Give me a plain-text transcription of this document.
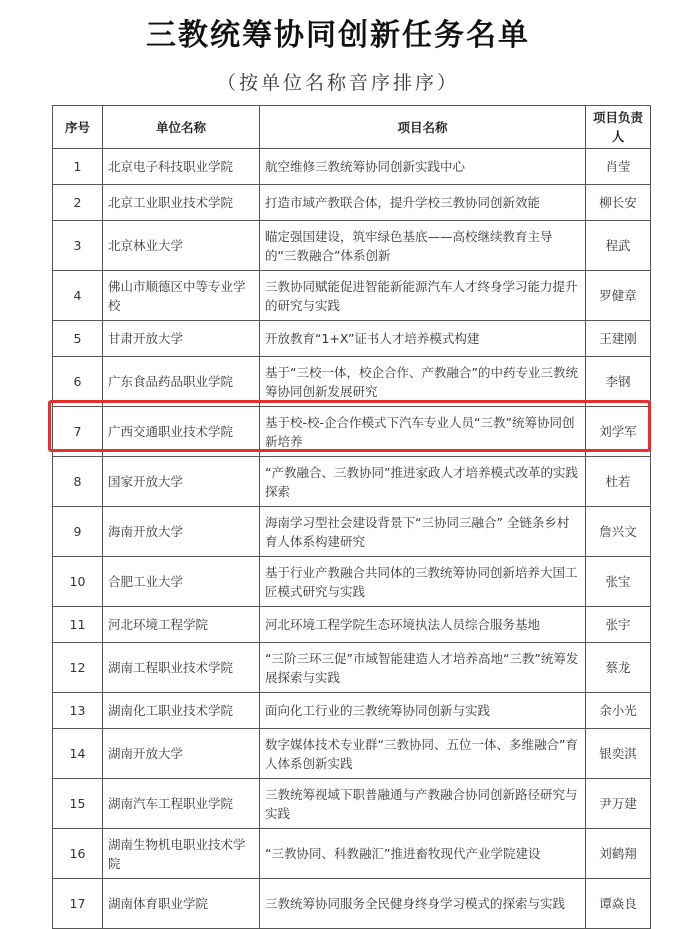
三教统筹协同创新任务名单
（按单位名称音序排序）
序号	单位名称	项目名称	项目负责人
1	北京电子科技职业学院	航空维修三教统筹协同创新实践中心	肖莹
2	北京工业职业技术学院	打造市域产教联合体，提升学校三教协同创新效能	柳长安
3	北京林业大学	瞄定强国建设，筑牢绿色基底——高校继续教育主导的“三教融合”体系创新	程武
4	佛山市顺德区中等专业学校	三教协同赋能促进智能新能源汽车人才终身学习能力提升的研究与实践	罗健章
5	甘肃开放大学	开放教育“1+X”证书人才培养模式构建	王建刚
6	广东食品药品职业学院	基于“三校一体，校企合作、产教融合”的中药专业三教统筹协同创新发展研究	李钢
7	广西交通职业技术学院	基于校-校-企合作模式下汽车专业人员“三教”统筹协同创新培养	刘学军
8	国家开放大学	“产教融合、三教协同”推进家政人才培养模式改革的实践探索	杜若
9	海南开放大学	海南学习型社会建设背景下“三协同三融合” 全链条乡村育人体系构建研究	詹兴文
10	合肥工业大学	基于行业产教融合共同体的三教统筹协同创新培养大国工匠模式研究与实践	张宝
11	河北环境工程学院	河北环境工程学院生态环境执法人员综合服务基地	张宇
12	湖南工程职业技术学院	“三阶三环三促”市域智能建造人才培养高地“三教”统筹发展探索与实践	蔡龙
13	湖南化工职业技术学院	面向化工行业的三教统筹协同创新与实践	余小光
14	湖南开放大学	数字媒体技术专业群“三教协同、五位一体、多维融合”育人体系创新实践	银奕淇
15	湖南汽车工程职业学院	三教统筹视域下职普融通与产教融合协同创新路径研究与实践	尹万建
16	湖南生物机电职业技术学院	“三教协同、科教融汇”推进畜牧现代产业学院建设	刘鹤翔
17	湖南体育职业学院	三教统筹协同服务全民健身终身学习模式的探索与实践	谭焱良
